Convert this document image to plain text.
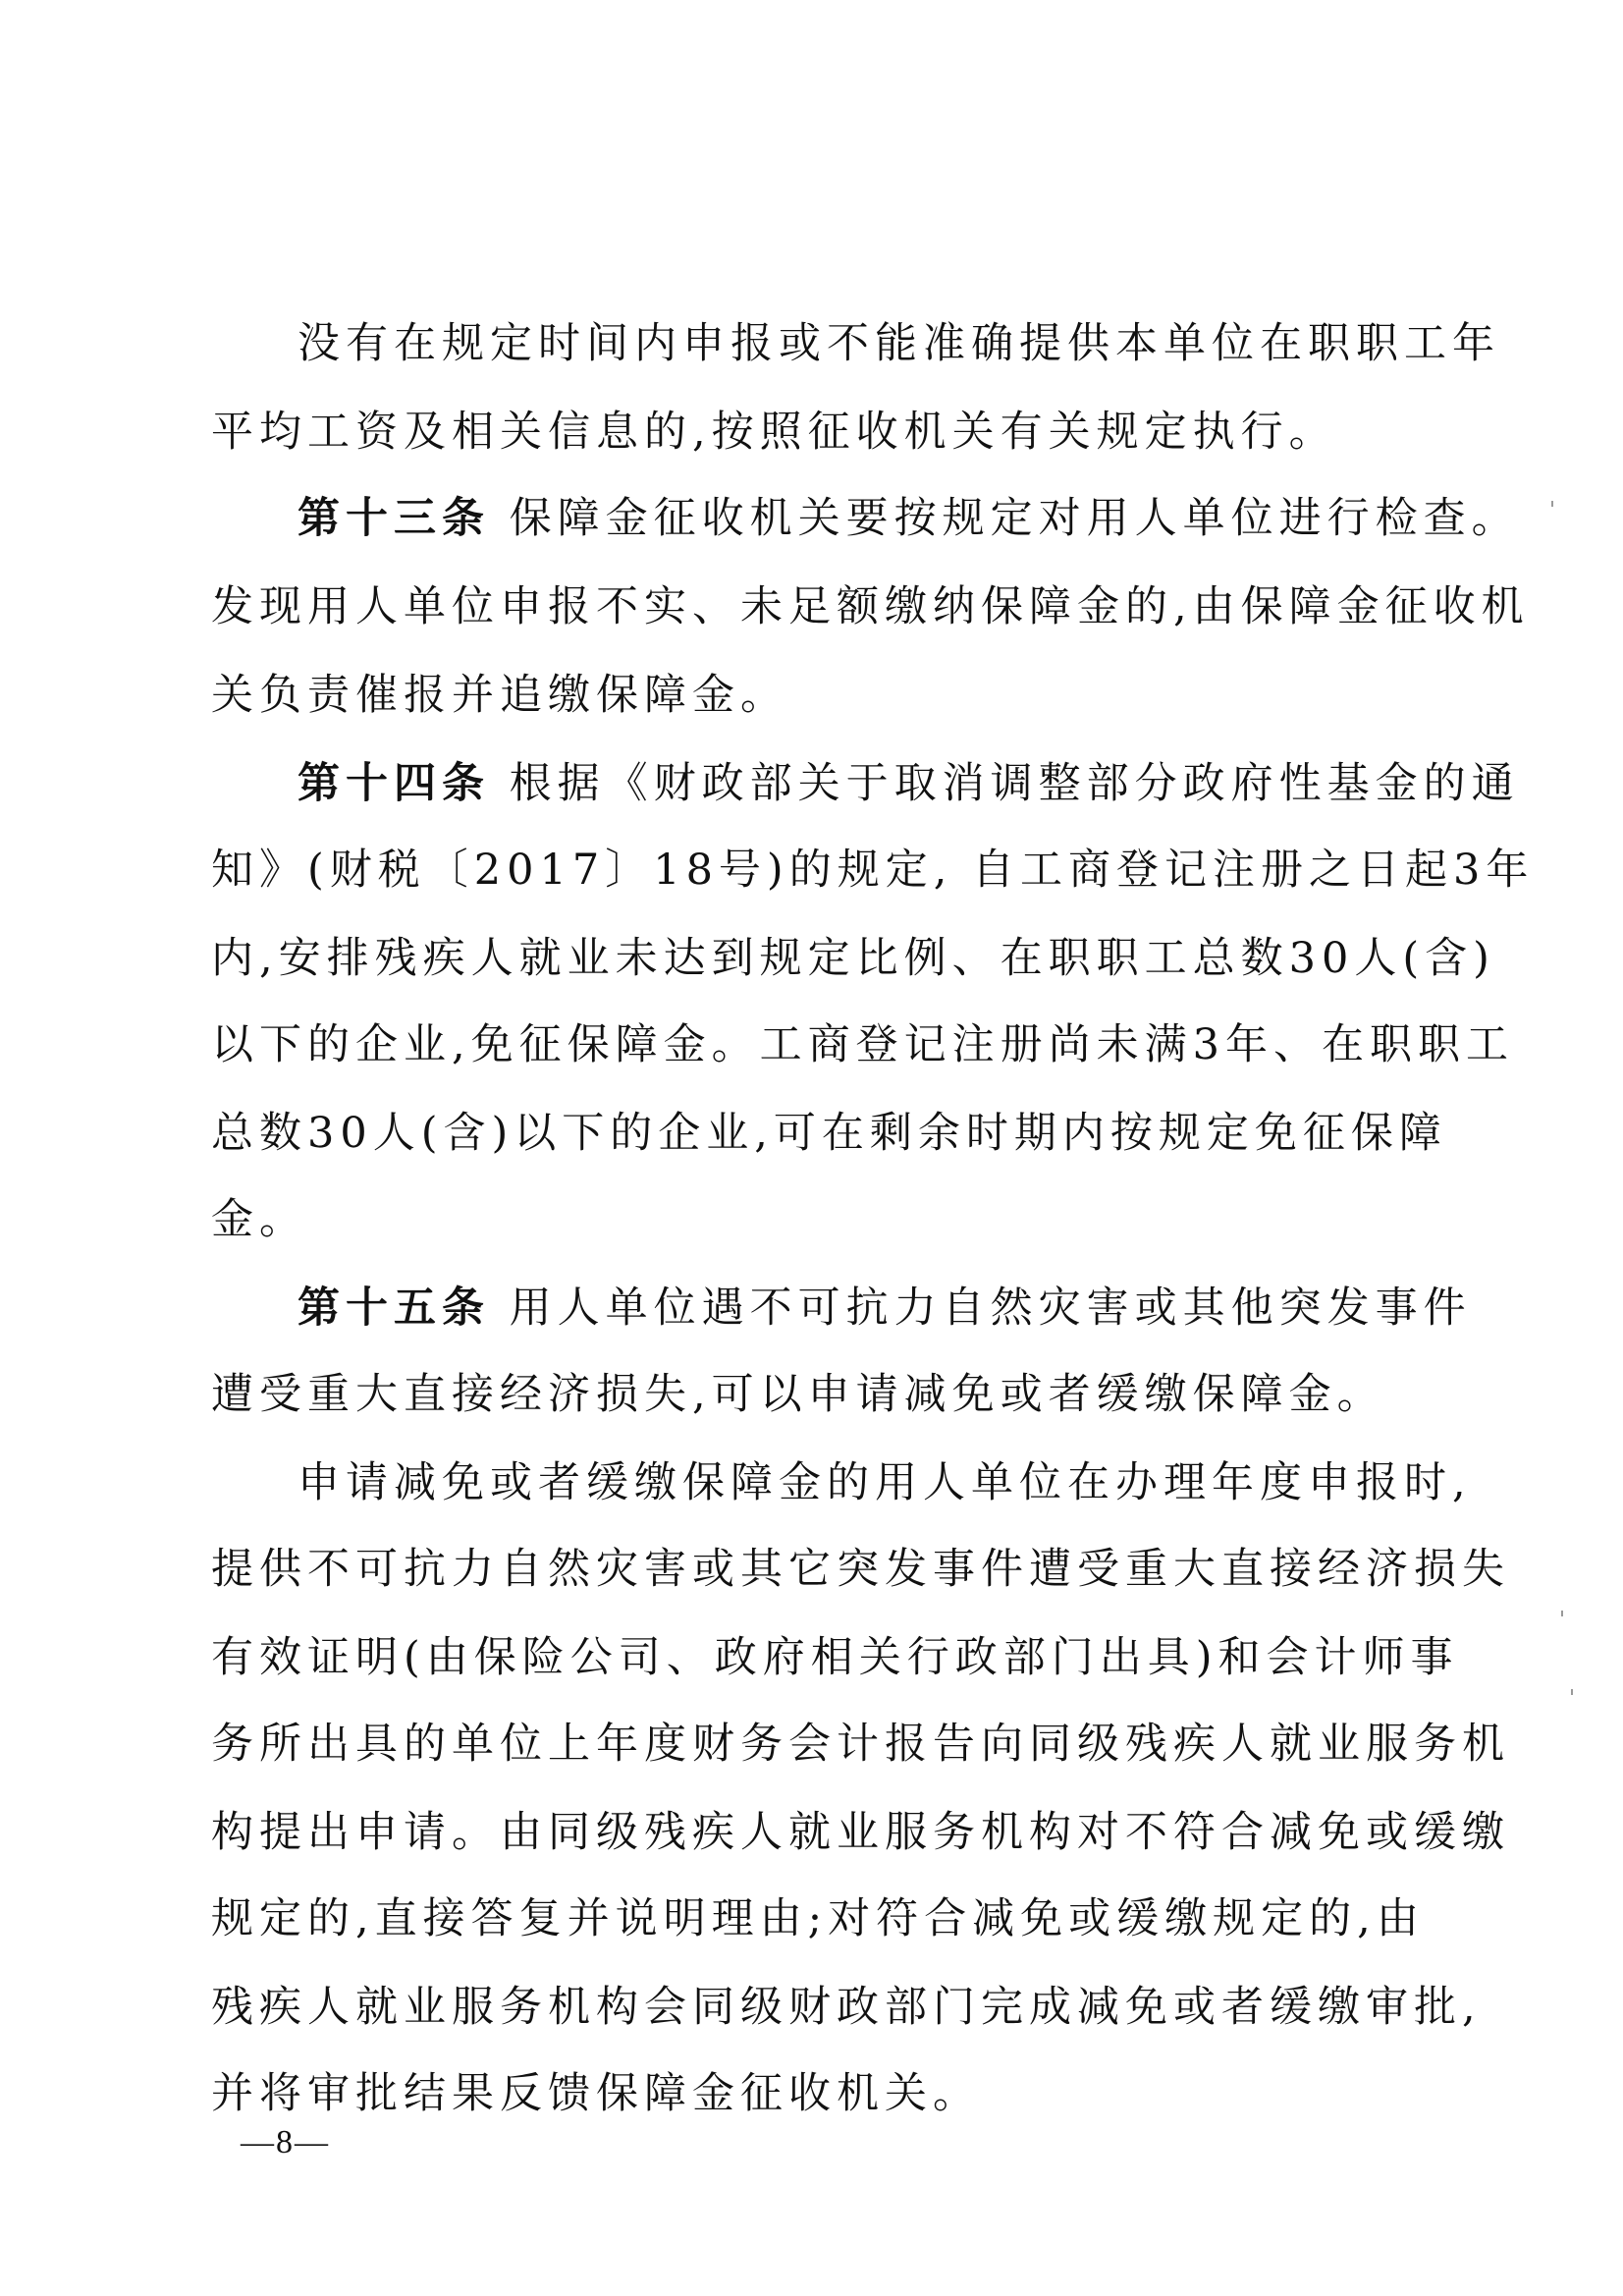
没有在规定时间内申报或不能准确提供本单位在职职工年
平均工资及相关信息的,按照征收机关有关规定执行。
第十三条 保障金征收机关要按规定对用人单位进行检查。
发现用人单位申报不实、未足额缴纳保障金的,由保障金征收机
关负责催报并追缴保障金。
第十四条 根据《财政部关于取消调整部分政府性基金的通
知》(财税〔2017〕18号)的规定, 自工商登记注册之日起3年
内,安排残疾人就业未达到规定比例、在职职工总数30人(含)
以下的企业,免征保障金。工商登记注册尚未满3年、在职职工
总数30人(含)以下的企业,可在剩余时期内按规定免征保障
金。
第十五条 用人单位遇不可抗力自然灾害或其他突发事件
遭受重大直接经济损失,可以申请减免或者缓缴保障金。
申请减免或者缓缴保障金的用人单位在办理年度申报时,
提供不可抗力自然灾害或其它突发事件遭受重大直接经济损失
有效证明(由保险公司、政府相关行政部门出具)和会计师事
务所出具的单位上年度财务会计报告向同级残疾人就业服务机
构提出申请。由同级残疾人就业服务机构对不符合减免或缓缴
规定的,直接答复并说明理由;对符合减免或缓缴规定的,由
残疾人就业服务机构会同级财政部门完成减免或者缓缴审批,
并将审批结果反馈保障金征收机关。
—8—
